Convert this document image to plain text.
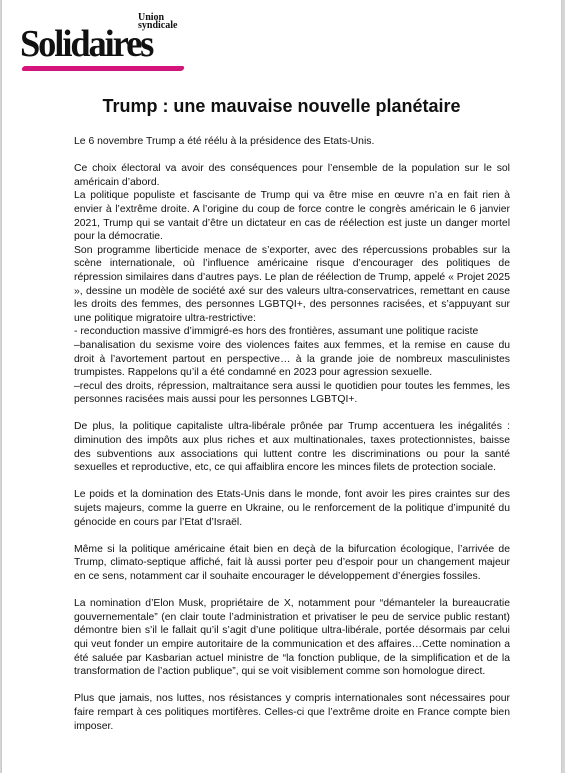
Union
syndicale
Solidaires
Trump : une mauvaise nouvelle planétaire

Le 6 novembre Trump a été réélu à la présidence des Etats-Unis.

Ce choix électoral va avoir des conséquences pour l’ensemble de la population sur le sol américain d’abord.

La politique populiste et fascisante de Trump qui va être mise en œuvre n’a en fait rien à envier à l’extrême droite. A l’origine du coup de force contre le congrès américain le 6 janvier 2021, Trump qui se vantait d’être un dictateur en cas de réélection est juste un danger mortel pour la démocratie.

Son programme liberticide menace de s’exporter, avec des répercussions probables sur la scène internationale, où l’influence américaine risque d’encourager des politiques de répression similaires dans d’autres pays. Le plan de réélection de Trump, appelé « Projet 2025 », dessine un modèle de société axé sur des valeurs ultra-conservatrices, remettant en cause les droits des femmes, des personnes LGBTQI+, des personnes racisées, et s’appuyant sur une politique migratoire ultra-restrictive:

- reconduction massive d’immigré-es hors des frontières, assumant une politique raciste

–banalisation du sexisme voire des violences faites aux femmes, et la remise en cause du droit à l’avortement partout en perspective… à la grande joie de nombreux masculinistes trumpistes. Rappelons qu’il a été condamné en 2023 pour agression sexuelle.

–recul des droits, répression, maltraitance sera aussi le quotidien pour toutes les femmes, les personnes racisées mais aussi pour les personnes LGBTQI+.

De plus, la politique capitaliste ultra-libérale prônée par Trump accentuera les inégalités : diminution des impôts aux plus riches et aux multinationales, taxes protectionnistes, baisse des subventions aux associations qui luttent contre les discriminations ou pour la santé sexuelles et reproductive, etc, ce qui affaiblira encore les minces filets de protection sociale.

Le poids et la domination des Etats-Unis dans le monde, font avoir les pires craintes sur des sujets majeurs, comme la guerre en Ukraine, ou le renforcement de la politique d’impunité du génocide en cours par l’Etat d’Israël.

Même si la politique américaine était bien en deçà de la bifurcation écologique, l’arrivée de Trump, climato-septique affiché, fait là aussi porter peu d’espoir pour un changement majeur en ce sens, notamment car il souhaite encourager le développement d’énergies fossiles.

La nomination d’Elon Musk, propriétaire de X, notamment pour “démanteler la bureaucratie gouvernementale” (en clair toute l’administration et privatiser le peu de service public restant) démontre bien s’il le fallait qu’il s’agit d’une politique ultra-libérale, portée désormais par celui qui veut fonder un empire autoritaire de la communication et des affaires…Cette nomination a été saluée par Kasbarian actuel ministre de “la fonction publique, de la simplification et de la transformation de l’action publique”, qui se voit visiblement comme son homologue direct.

Plus que jamais, nos luttes, nos résistances y compris internationales sont nécessaires pour faire rempart à ces politiques mortifères. Celles-ci que l’extrême droite en France compte bien imposer.
